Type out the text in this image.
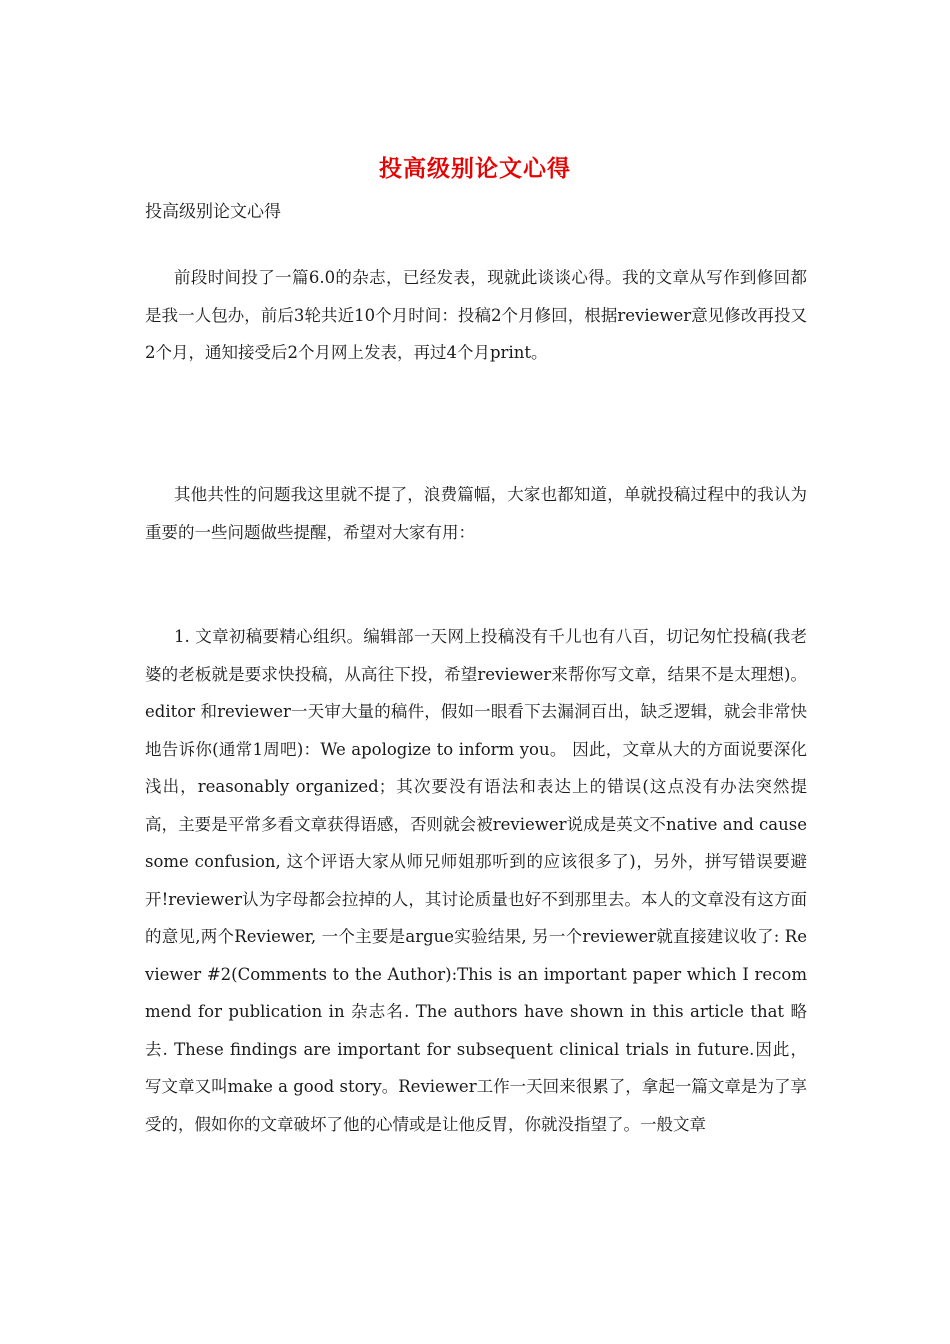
投高级别论文心得
投高级别论文心得
前段时间投了一篇6.0的杂志，已经发表，现就此谈谈心得。我的文章从写作到修回都是我一人包办，前后3轮共近10个月时间：投稿2个月修回，根据reviewer意见修改再投又2个月，通知接受后2个月网上发表，再过4个月print。
其他共性的问题我这里就不提了，浪费篇幅，大家也都知道，单就投稿过程中的我认为重要的一些问题做些提醒，希望对大家有用：
1. 文章初稿要精心组织。编辑部一天网上投稿没有千儿也有八百，切记匆忙投稿(我老婆的老板就是要求快投稿，从高往下投，希望reviewer来帮你写文章，结果不是太理想)。editor 和reviewer一天审大量的稿件，假如一眼看下去漏洞百出，缺乏逻辑，就会非常快地告诉你(通常1周吧)：We apologize to inform you。 因此，文章从大的方面说要深化浅出，reasonably organized；其次要没有语法和表达上的错误(这点没有办法突然提高，主要是平常多看文章获得语感，否则就会被reviewer说成是英文不native and cause some confusion, 这个评语大家从师兄师姐那听到的应该很多了)，另外，拼写错误要避开!reviewer认为字母都会拉掉的人，其讨论质量也好不到那里去。本人的文章没有这方面的意见,两个Reviewer, 一个主要是argue实验结果, 另一个reviewer就直接建议收了: Reviewer #2(Comments to the Author):This is an important paper which I recommend for publication in 杂志名. The authors have shown in this article that 略去. These findings are important for subsequent clinical trials in future.因此，写文章又叫make a good story。Reviewer工作一天回来很累了，拿起一篇文章是为了享受的，假如你的文章破坏了他的心情或是让他反胃，你就没指望了。一般文章
